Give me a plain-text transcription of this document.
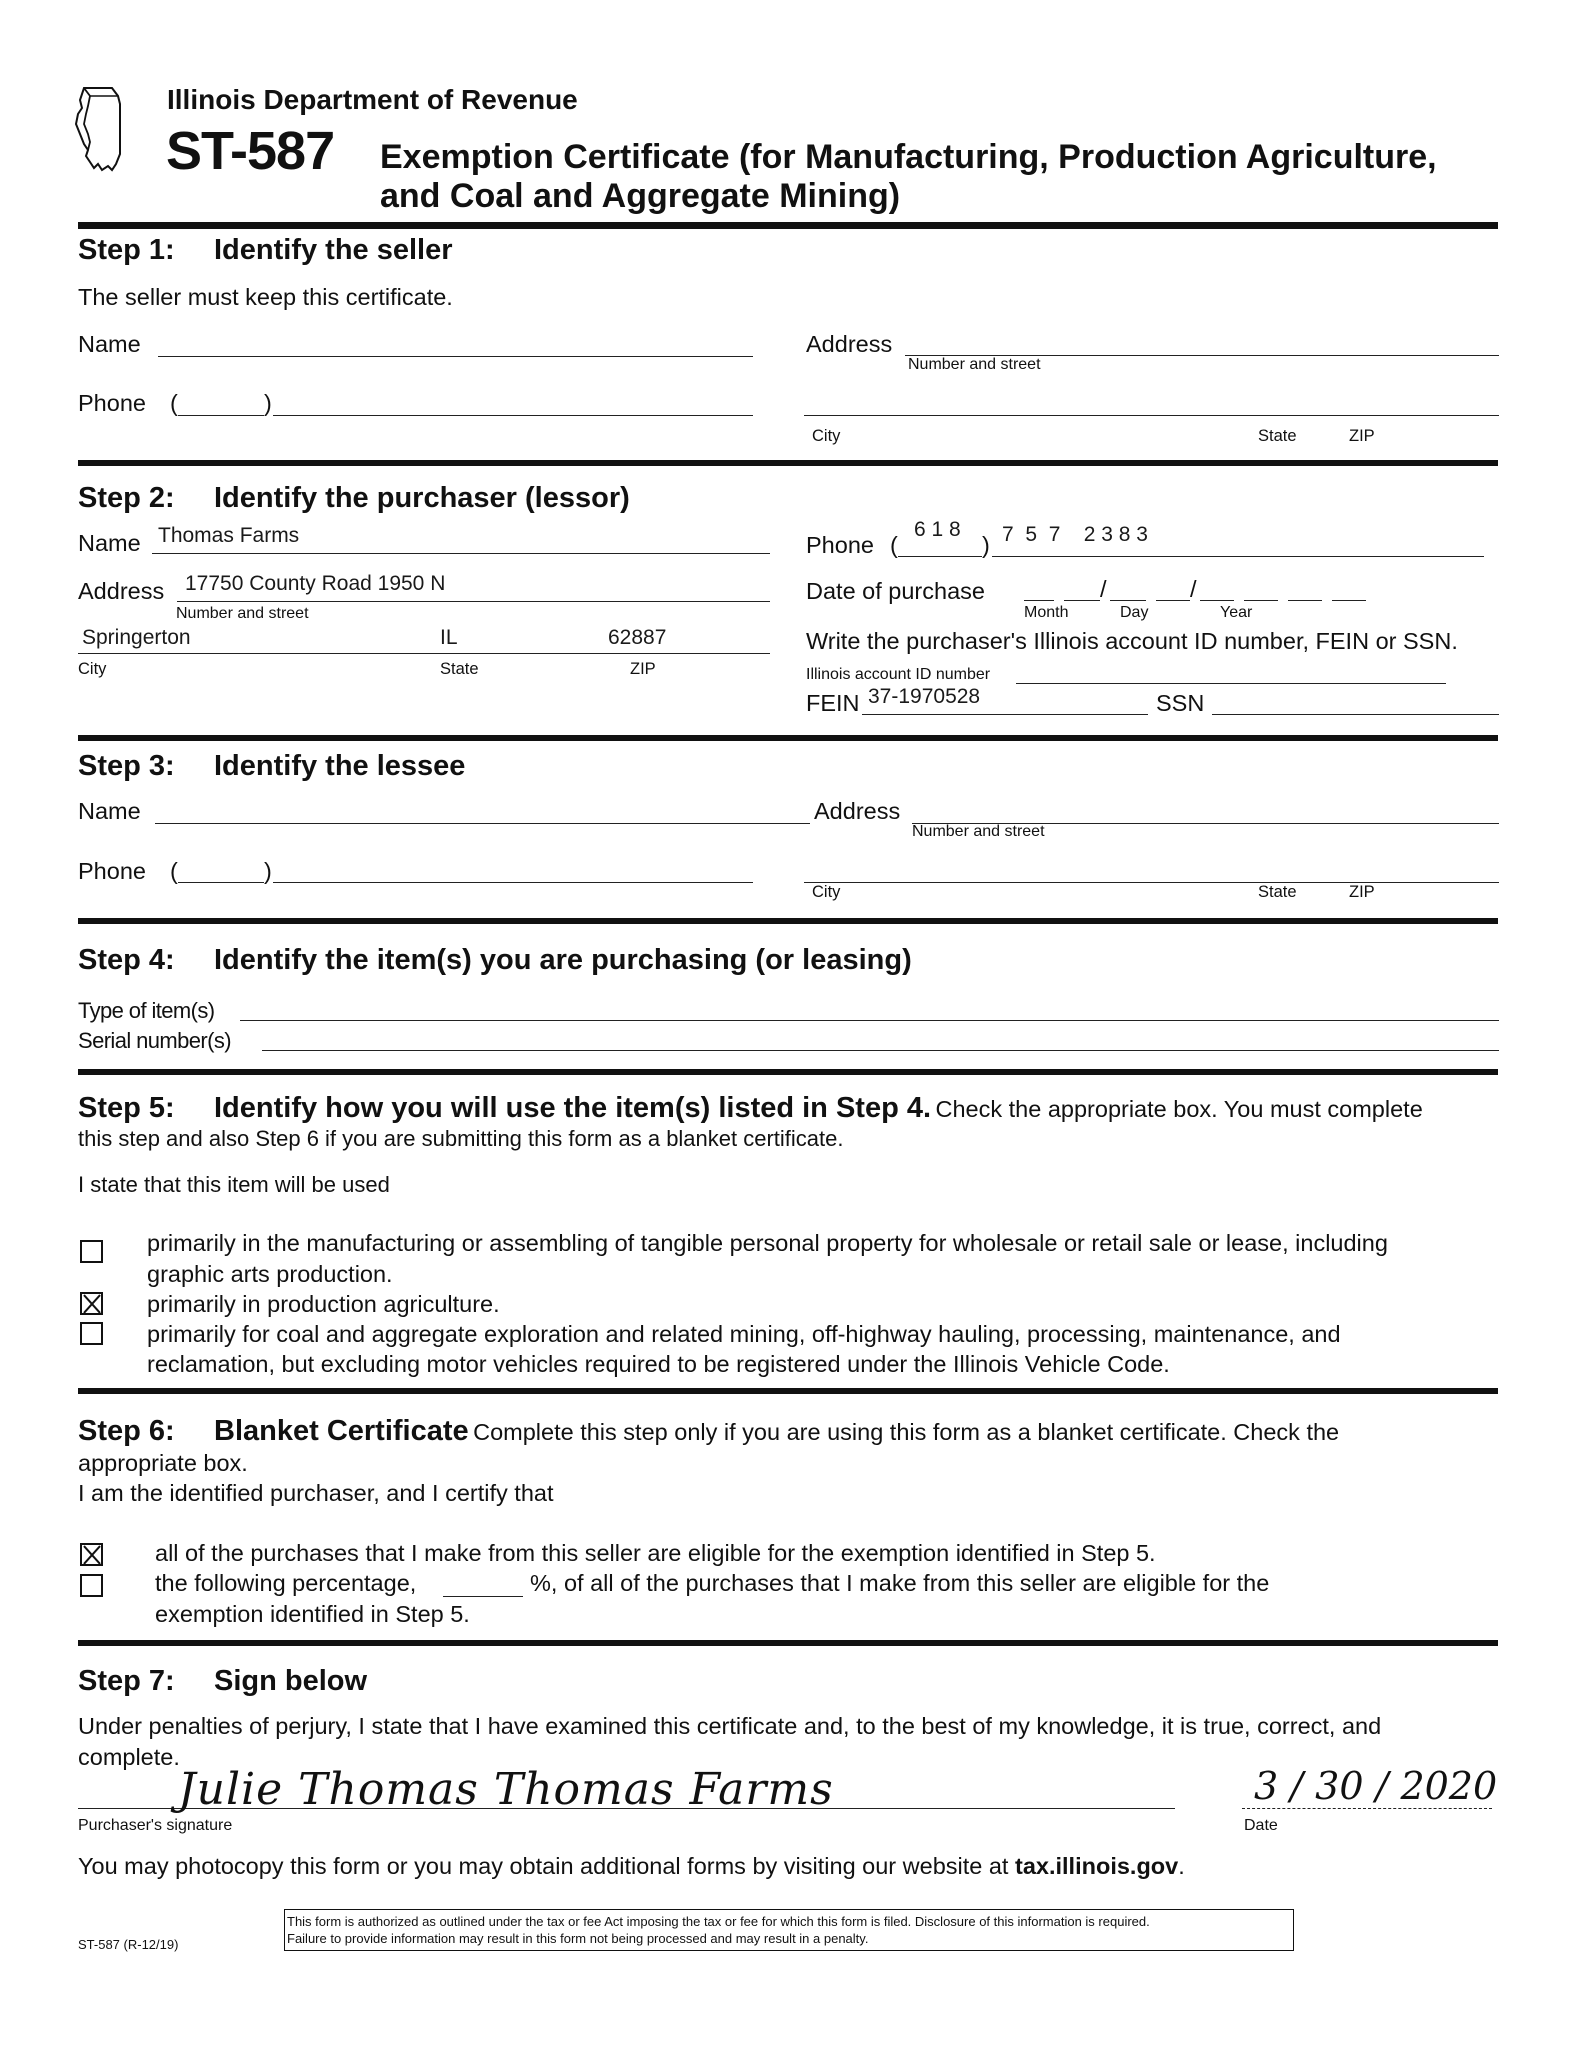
Illinois Department of Revenue
ST-587 Exemption Certificate (for Manufacturing, Production Agriculture,
and Coal and Aggregate Mining)
Step 1: Identify the seller
The seller must keep this certificate.
Name
Phone (	)
Address
Number and street
City	State	ZIP
Step 2: Identify the purchaser (lessor)
Name Thomas Farms
Address 17750 County Road 1950 N
Number and street
Springerton	IL	62887
City	State	ZIP
Phone (
6 1 8
) 7  5  7    2 3 8 3
Date of purchase	/	/
Month	Day	Year
Write the purchaser's Illinois account ID number, FEIN or SSN.
Illinois account ID number
FEIN 37-1970528	SSN
Step 3: Identify the lessee
Name	Address
Number and street
Phone (	)
City	State	ZIP
Step 4: Identify the item(s) you are purchasing (or leasing)
Type of item(s)
Serial number(s)
Step 5: Identify how you will use the item(s) listed in Step 4. Check the appropriate box. You must complete
this step and also Step 6 if you are submitting this form as a blanket certificate.
I state that this item will be used
primarily in the manufacturing or assembling of tangible personal property for wholesale or retail sale or lease, including
graphic arts production.
primarily in production agriculture.
primarily for coal and aggregate exploration and related mining, off-highway hauling, processing, maintenance, and
reclamation, but excluding motor vehicles required to be registered under the Illinois Vehicle Code.
Step 6: Blanket Certificate Complete this step only if you are using this form as a blanket certificate. Check the
appropriate box.
I am the identified purchaser, and I certify that
all of the purchases that I make from this seller are eligible for the exemption identified in Step 5.
the following percentage,	%, of all of the purchases that I make from this seller are eligible for the
exemption identified in Step 5.
Step 7: Sign below
Under penalties of perjury, I state that I have examined this certificate and, to the best of my knowledge, it is true, correct, and
complete.
Julie Thomas Thomas Farms
Purchaser's signature
3 / 30 / 2020
Date
You may photocopy this form or you may obtain additional forms by visiting our website at tax.illinois.gov.
ST-587 (R-12/19)
This form is authorized as outlined under the tax or fee Act imposing the tax or fee for which this form is filed. Disclosure of this information is required.
Failure to provide information may result in this form not being processed and may result in a penalty.
